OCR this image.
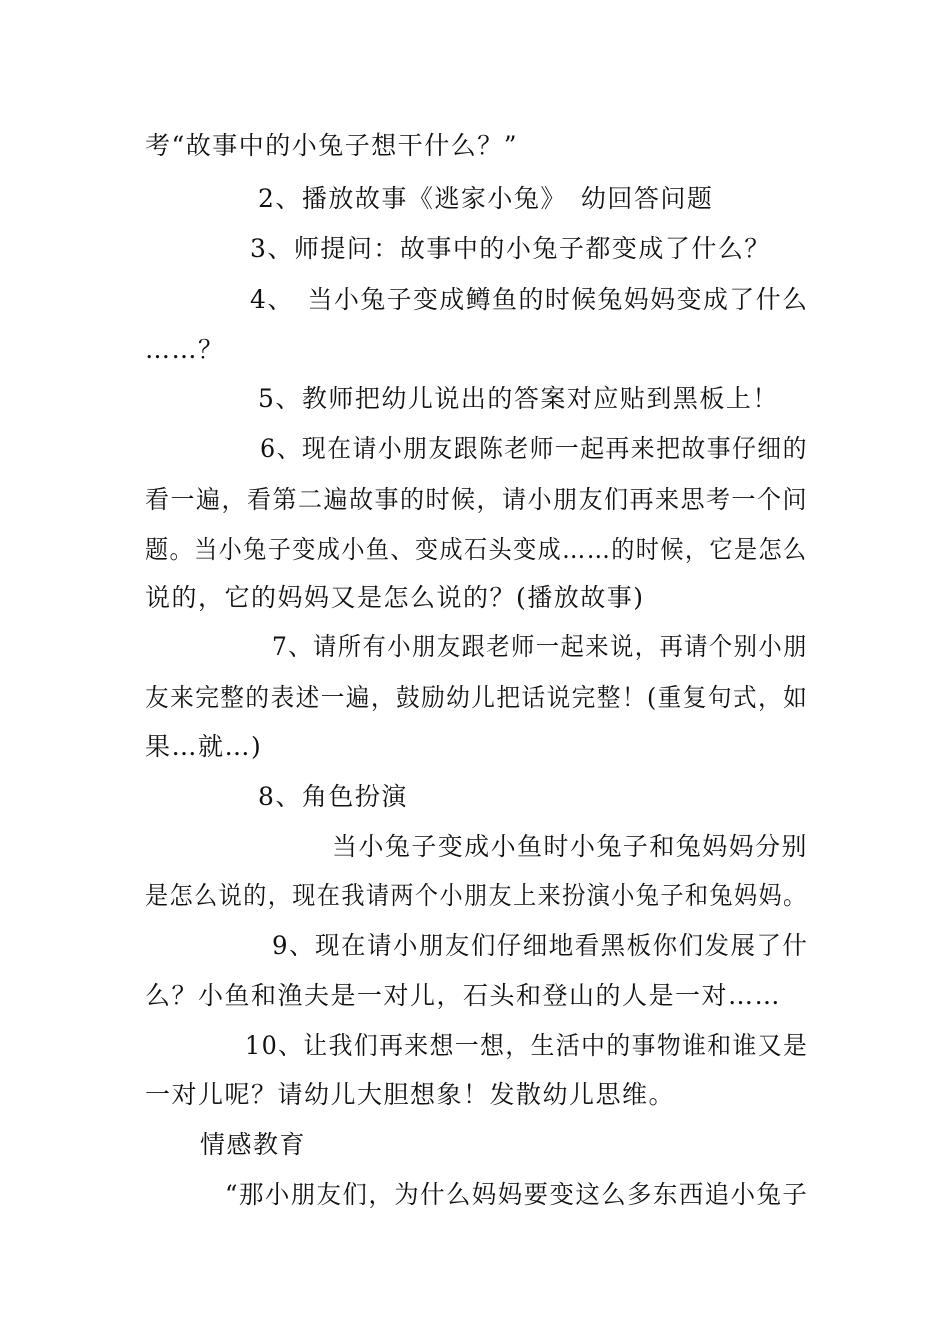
考“故事中的小兔子想干什么？”
2、播放故事《逃家小兔》　幼回答问题
3、师提问：故事中的小兔子都变成了什么？
4、　当小兔子变成鳟鱼的时候兔妈妈变成了什么
……？
5、教师把幼儿说出的答案对应贴到黑板上！
6、现在请小朋友跟陈老师一起再来把故事仔细的
看一遍，看第二遍故事的时候，请小朋友们再来思考一个问
题。当小兔子变成小鱼、变成石头变成……的时候，它是怎么
说的，它的妈妈又是怎么说的？(播放故事)
7、请所有小朋友跟老师一起来说，再请个别小朋
友来完整的表述一遍，鼓励幼儿把话说完整！(重复句式，如
果…就…)
8、角色扮演
当小兔子变成小鱼时小兔子和兔妈妈分别
是怎么说的，现在我请两个小朋友上来扮演小兔子和兔妈妈。
9、现在请小朋友们仔细地看黑板你们发展了什
么？小鱼和渔夫是一对儿，石头和登山的人是一对……
10、让我们再来想一想，生活中的事物谁和谁又是
一对儿呢？请幼儿大胆想象！发散幼儿思维。
情感教育
“那小朋友们，为什么妈妈要变这么多东西追小兔子
